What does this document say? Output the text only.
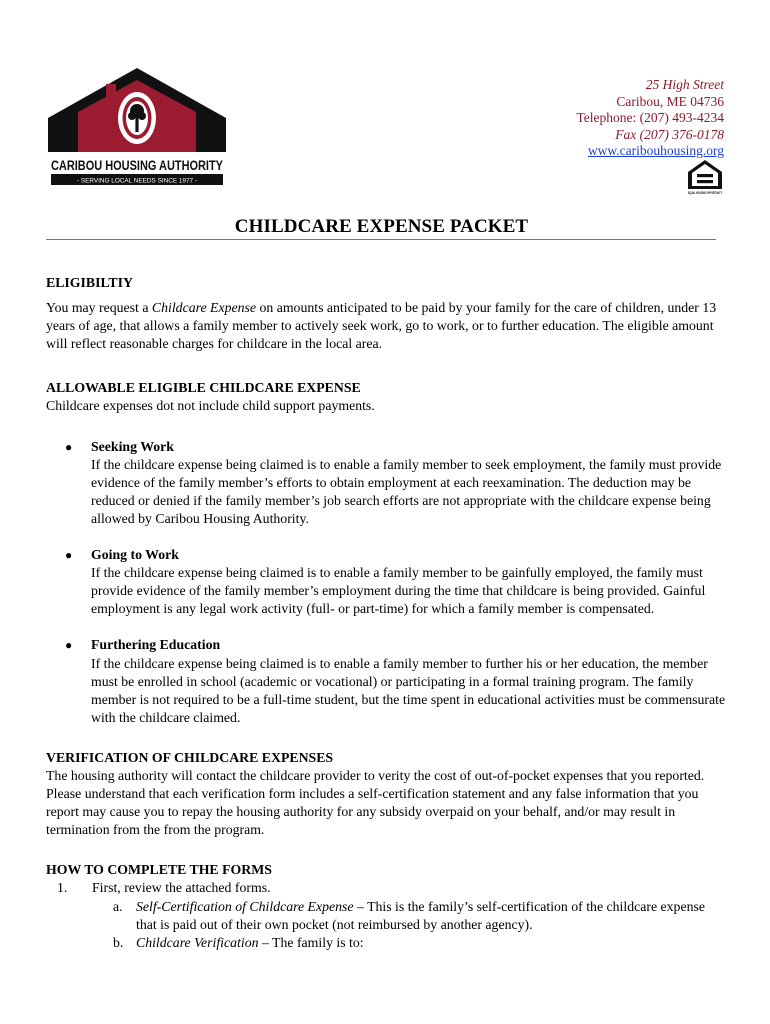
CARIBOU HOUSING AUTHORITY
- SERVING LOCAL NEEDS SINCE 1977 -
25 High Street
Caribou, ME 04736
Telephone: (207) 493-4234
Fax (207) 376-0178
www.caribouhousing.org
EQUAL HOUSING OPPORTUNITY
CHILDCARE EXPENSE PACKET
ELIGIBILTIY

You may request a Childcare Expense on amounts anticipated to be paid by your family for the care of children, under 13 years of age, that allows a family member to actively seek work, go to work, or to further education. The eligible amount will reflect reasonable charges for childcare in the local area.

ALLOWABLE ELIGIBLE CHILDCARE EXPENSE

Childcare expenses dot not include child support payments.

● Seeking Work
If the childcare expense being claimed is to enable a family member to seek employment, the family must provide evidence of the family member’s efforts to obtain employment at each reexamination. The deduction may be reduced or denied if the family member’s job search efforts are not appropriate with the childcare expense being allowed by Caribou Housing Authority.
● Going to Work
If the childcare expense being claimed is to enable a family member to be gainfully employed, the family must provide evidence of the family member’s employment during the time that childcare is being provided. Gainful employment is any legal work activity (full- or part-time) for which a family member is compensated.
● Furthering Education
If the childcare expense being claimed is to enable a family member to further his or her education, the member must be enrolled in school (academic or vocational) or participating in a formal training program. The family member is not required to be a full-time student, but the time spent in educational activities must be commensurate with the childcare claimed.
VERIFICATION OF CHILDCARE EXPENSES

The housing authority will contact the childcare provider to verity the cost of out-of-pocket expenses that you reported. Please understand that each verification form includes a self-certification statement and any false information that you report may cause you to repay the housing authority for any subsidy overpaid on your behalf, and/or may result in termination from the from the program.

HOW TO COMPLETE THE FORMS
1. First, review the attached forms.
a. Self-Certification of Childcare Expense – This is the family’s self-certification of the childcare expense that is paid out of their own pocket (not reimbursed by another agency).
b. Childcare Verification – The family is to:
